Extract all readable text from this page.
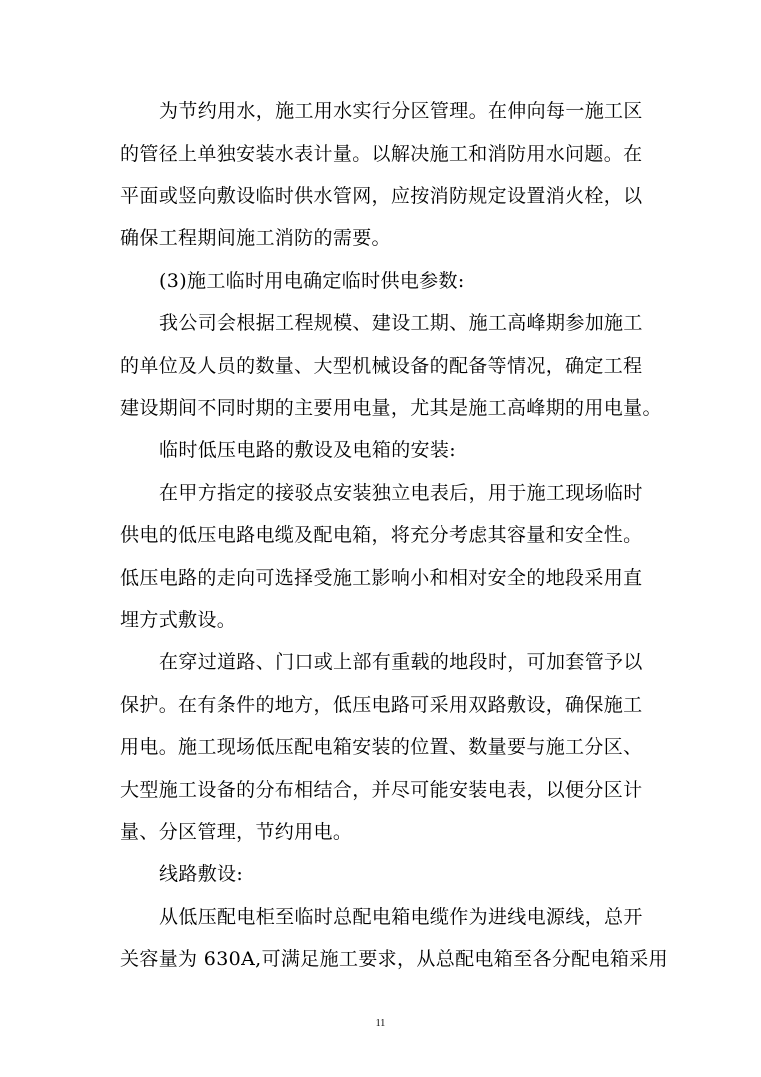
为节约用水，施工用水实行分区管理。在伸向每一施工区
的管径上单独安装水表计量。以解决施工和消防用水问题。在
平面或竖向敷设临时供水管网，应按消防规定设置消火栓，以
确保工程期间施工消防的需要。
(3)施工临时用电确定临时供电参数:
我公司会根据工程规模、建设工期、施工高峰期参加施工
的单位及人员的数量、大型机械设备的配备等情况，确定工程
建设期间不同时期的主要用电量，尤其是施工高峰期的用电量。
临时低压电路的敷设及电箱的安装:
在甲方指定的接驳点安装独立电表后，用于施工现场临时
供电的低压电路电缆及配电箱，将充分考虑其容量和安全性。
低压电路的走向可选择受施工影响小和相对安全的地段采用直
埋方式敷设。
在穿过道路、门口或上部有重载的地段时，可加套管予以
保护。在有条件的地方，低压电路可采用双路敷设，确保施工
用电。施工现场低压配电箱安装的位置、数量要与施工分区、
大型施工设备的分布相结合，并尽可能安装电表，以便分区计
量、分区管理，节约用电。
线路敷设:
从低压配电柜至临时总配电箱电缆作为进线电源线，总开
关容量为 630A,可满足施工要求，从总配电箱至各分配电箱采用
11
